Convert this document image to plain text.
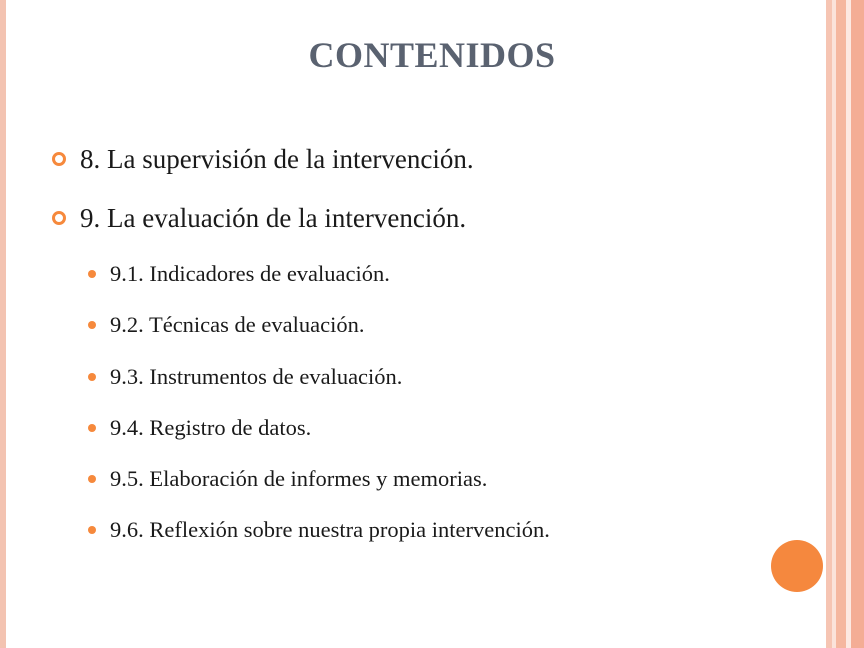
CONTENIDOS
8. La supervisión de la intervención.
9. La evaluación de la intervención.
9.1. Indicadores de evaluación.
9.2. Técnicas de evaluación.
9.3. Instrumentos de evaluación.
9.4. Registro de datos.
9.5. Elaboración de informes y memorias.
9.6. Reflexión sobre nuestra propia intervención.
